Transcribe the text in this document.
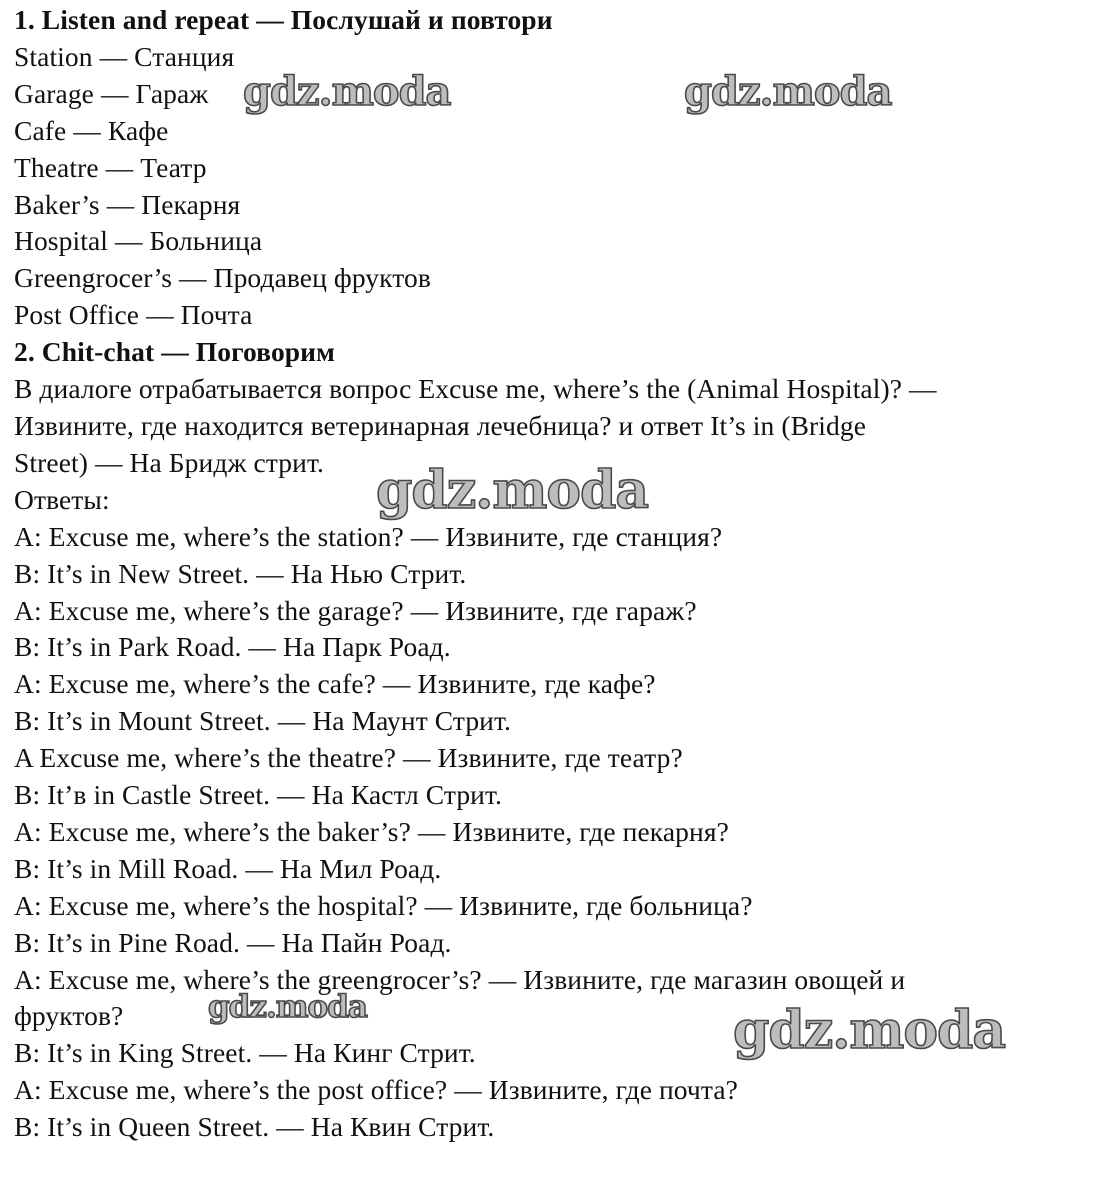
1. Listen and repeat — Послушай и повтори
Station — Станция
Garage — Гараж
Cafe — Кафе
Theatre — Театр
Baker’s — Пекарня
Hospital — Больница
Greengrocer’s — Продавец фруктов
Post Office — Почта
2. Chit-chat — Поговорим
В диалоге отрабатывается вопрос Excuse me, where’s the (Animal Hospital)? —
Извините, где находится ветеринарная лечебница? и ответ It’s in (Bridge
Street) — На Бридж стрит.
Ответы:
A: Excuse me, where’s the station? — Извините, где станция?
B: It’s in New Street. — На Нью Стрит.
A: Excuse me, where’s the garage? — Извините, где гараж?
B: It’s in Park Road. — На Парк Роад.
A: Excuse me, where’s the cafe? — Извините, где кафе?
B: It’s in Mount Street. — На Маунт Стрит.
A Excuse me, where’s the theatre? — Извините, где театр?
B: It’в in Castle Street. — На Кастл Стрит.
A: Excuse me, where’s the baker’s? — Извините, где пекарня?
B: It’s in Mill Road. — На Мил Роад.
A: Excuse me, where’s the hospital? — Извините, где больница?
B: It’s in Pine Road. — На Пайн Роад.
A: Excuse me, where’s the greengrocer’s? — Извините, где магазин овощей и
фруктов?
B: It’s in King Street. — На Кинг Стрит.
A: Excuse me, where’s the post office? — Извините, где почта?
B: It’s in Queen Street. — На Квин Стрит.
gdz.moda	gdz.moda
gdz.moda
gdz.moda	gdz.moda
